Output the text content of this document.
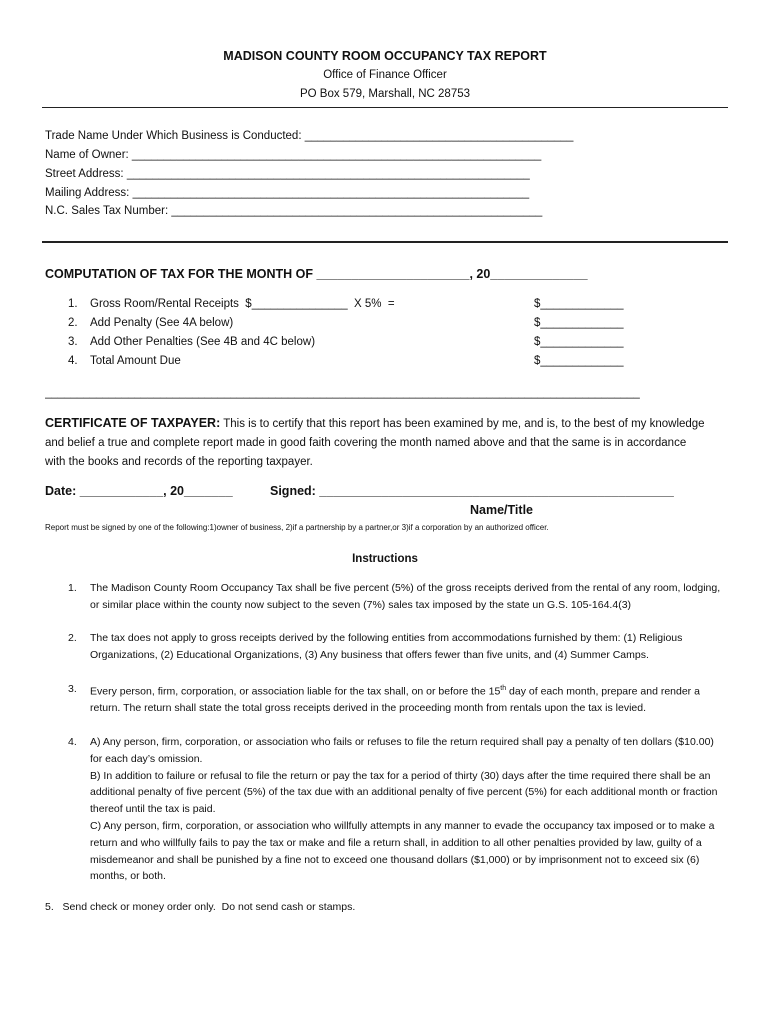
MADISON COUNTY ROOM OCCUPANCY TAX REPORT
Office of Finance Officer
PO Box 579, Marshall, NC 28753
Trade Name Under Which Business is Conducted: __________________________________________
Name of Owner: ________________________________________________________________
Street Address: _______________________________________________________________
Mailing Address: ______________________________________________________________
N.C. Sales Tax Number: __________________________________________________________
COMPUTATION OF TAX FOR THE MONTH OF ______________________, 20______________
1.	Gross Room/Rental Receipts  $_______________  X 5%  =	$_____________
2.	Add Penalty (See 4A below)	$_____________
3.	Add Other Penalties (See 4B and 4C below)	$_____________
4.	Total Amount Due	$_____________
_____________________________________________________________________________________________
CERTIFICATE OF TAXPAYER: This is to certify that this report has been examined by me, and is, to the best of my knowledge and belief a true and complete report made in good faith covering the month named above and that the same is in accordance with the books and records of the reporting taxpayer.
Date: ____________, 20_______	Signed: ___________________________________________________
Name/Title
Report must be signed by one of the following:1)owner of business, 2)if a partnership by a partner,or 3)if a corporation by an authorized officer.
Instructions
1.	The Madison County Room Occupancy Tax shall be five percent (5%) of the gross receipts derived from the rental of any room, lodging, or similar place within the county now subject to the seven (7%) sales tax imposed by the state un G.S. 105-164.4(3)
2.	The tax does not apply to gross receipts derived by the following entities from accommodations furnished by them: (1) Religious Organizations, (2) Educational Organizations, (3) Any business that offers fewer than five units, and (4) Summer Camps.
3.	Every person, firm, corporation, or association liable for the tax shall, on or before the 15th day of each month, prepare and render a return. The return shall state the total gross receipts derived in the proceeding month from rentals upon the tax is levied.
4.	A) Any person, firm, corporation, or association who fails or refuses to file the return required shall pay a penalty of ten dollars ($10.00) for each day’s omission.
B) In addition to failure or refusal to file the return or pay the tax for a period of thirty (30) days after the time required there shall be an additional penalty of five percent (5%) of the tax due with an additional penalty of five percent (5%) for each additional month or fraction thereof until the tax is paid.
C) Any person, firm, corporation, or association who willfully attempts in any manner to evade the occupancy tax imposed or to make a return and who willfully fails to pay the tax or make and file a return shall, in addition to all other penalties provided by law, guilty of a misdemeanor and shall be punished by a fine not to exceed one thousand dollars ($1,000) or by imprisonment not to exceed six (6) months, or both.
5.   Send check or money order only.  Do not send cash or stamps.
